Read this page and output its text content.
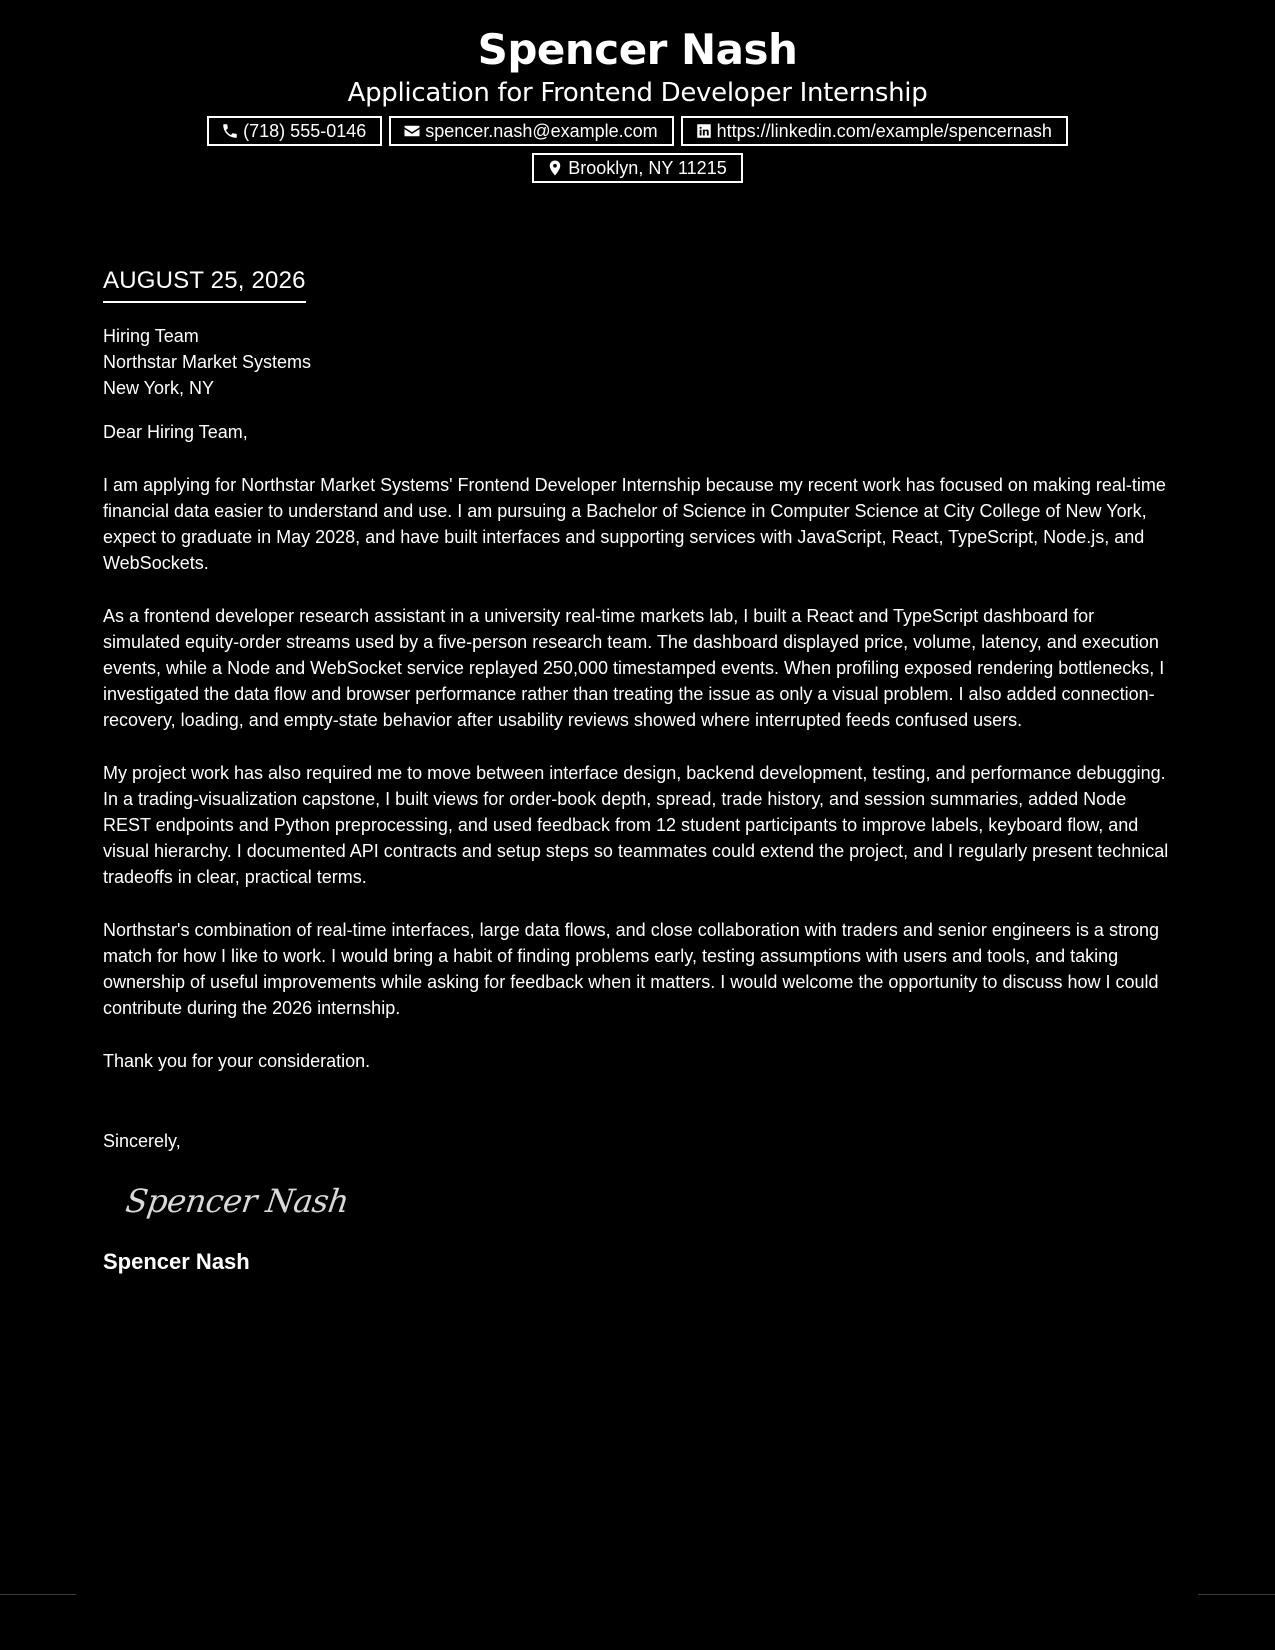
Spencer Nash
Application for Frontend Developer Internship
(718) 555-0146	spencer.nash@example.com	https://linkedin.com/example/spencernash
Brooklyn, NY 11215
AUGUST 25, 2026
Hiring Team
Northstar Market Systems
New York, NY
Dear Hiring Team,

I am applying for Northstar Market Systems' Frontend Developer Internship because my recent work has focused on making real-time financial data easier to understand and use. I am pursuing a Bachelor of Science in Computer Science at City College of New York, expect to graduate in May 2028, and have built interfaces and supporting services with JavaScript, React, TypeScript, Node.js, and WebSockets.

As a frontend developer research assistant in a university real-time markets lab, I built a React and TypeScript dashboard for simulated equity-order streams used by a five-person research team. The dashboard displayed price, volume, latency, and execution events, while a Node and WebSocket service replayed 250,000 timestamped events. When profiling exposed rendering bottlenecks, I investigated the data flow and browser performance rather than treating the issue as only a visual problem. I also added connection-recovery, loading, and empty-state behavior after usability reviews showed where interrupted feeds confused users.

My project work has also required me to move between interface design, backend development, testing, and performance debugging. In a trading-visualization capstone, I built views for order-book depth, spread, trade history, and session summaries, added Node REST endpoints and Python preprocessing, and used feedback from 12 student participants to improve labels, keyboard flow, and visual hierarchy. I documented API contracts and setup steps so teammates could extend the project, and I regularly present technical tradeoffs in clear, practical terms.

Northstar's combination of real-time interfaces, large data flows, and close collaboration with traders and senior engineers is a strong match for how I like to work. I would bring a habit of finding problems early, testing assumptions with users and tools, and taking ownership of useful improvements while asking for feedback when it matters. I would welcome the opportunity to discuss how I could contribute during the 2026 internship.

Thank you for your consideration.

Sincerely,
Spencer Nash
Spencer Nash
